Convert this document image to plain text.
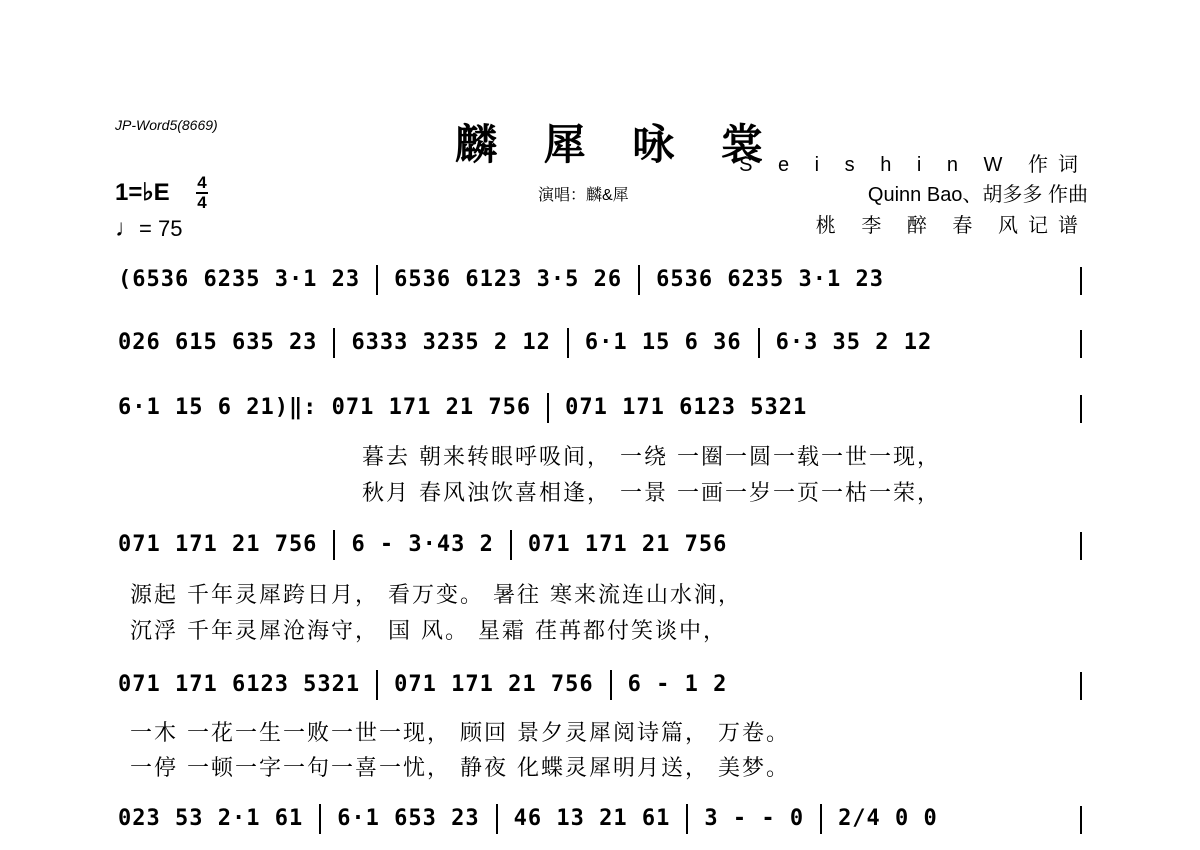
JP-Word5(8669)	麟 犀 咏 裳
演唱：麟&犀
S e i s h i n W 作词
Quinn Bao、胡多多 作曲
桃 李 醉 春 风记谱
1=♭E 4
4
♩= 75
(6536 6235 3·1 23 6536 6123 3·5 26 6536 6235 3·1 23
026 615 635 23 6333 3235 2 12 6·1 15 6 36 6·3 35 2 12
6·1 15 6 21)‖: 071 171 21 756 071 171 6123 5321
暮去 朝来转眼呼吸间， 一绕 一圈一圆一载一世一现，
秋月 春风浊饮喜相逢， 一景 一画一岁一页一枯一荣，
071 171 21 756 6 - 3·43 2 071 171 21 756
源起 千年灵犀跨日月， 看万变。 暑往 寒来流连山水涧，
沉浮 千年灵犀沧海守， 国 风。 星霜 荏苒都付笑谈中，
071 171 6123 5321 071 171 21 756 6 - 1 2
一木 一花一生一败一世一现， 顾回 景夕灵犀阅诗篇， 万卷。
一停 一顿一字一句一喜一忧， 静夜 化蝶灵犀明月送， 美梦。
023 53 2·1 61 6·1 653 23 46 13 21 61 3 - - 0 2/4 0 0
